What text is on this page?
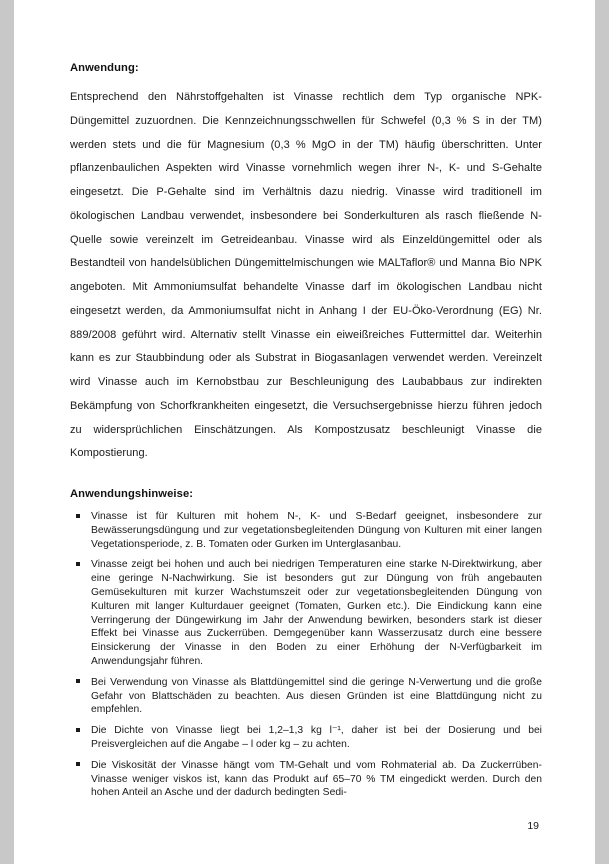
Anwendung:

Entsprechend den Nährstoffgehalten ist Vinasse rechtlich dem Typ organische NPK-Düngemittel zuzuordnen. Die Kennzeichnungsschwellen für Schwefel (0,3 % S in der TM) werden stets und die für Magnesium (0,3 % MgO in der TM) häufig überschritten. Unter pflanzenbaulichen Aspekten wird Vinasse vornehmlich wegen ihrer N-, K- und S-Gehalte eingesetzt. Die P-Gehalte sind im Verhältnis dazu niedrig. Vinasse wird traditionell im ökologischen Landbau verwendet, insbesondere bei Sonderkulturen als rasch fließende N-Quelle sowie vereinzelt im Getreideanbau. Vinasse wird als Einzeldüngemittel oder als Bestandteil von handelsüblichen Düngemittelmischungen wie MALTaflor® und Manna Bio NPK angeboten. Mit Ammoniumsulfat behandelte Vinasse darf im ökologischen Landbau nicht eingesetzt werden, da Ammoniumsulfat nicht in Anhang I der EU-Öko-Verordnung (EG) Nr. 889/2008 geführt wird. Alternativ stellt Vinasse ein eiweißreiches Futtermittel dar. Weiterhin kann es zur Staubbindung oder als Substrat in Biogasanlagen verwendet werden. Vereinzelt wird Vinasse auch im Kernobstbau zur Beschleunigung des Laubabbaus zur indirekten Bekämpfung von Schorfkrankheiten eingesetzt, die Versuchsergebnisse hierzu führen jedoch zu widersprüchlichen Einschätzungen. Als Kompostzusatz beschleunigt Vinasse die Kompostierung.

Anwendungshinweise:
Vinasse ist für Kulturen mit hohem N-, K- und S-Bedarf geeignet, insbesondere zur Bewässerungsdüngung und zur vegetationsbegleitenden Düngung von Kulturen mit einer langen Vegetationsperiode, z. B. Tomaten oder Gurken im Unterglasanbau.
Vinasse zeigt bei hohen und auch bei niedrigen Temperaturen eine starke N-Direktwirkung, aber eine geringe N-Nachwirkung. Sie ist besonders gut zur Düngung von früh angebauten Gemüsekulturen mit kurzer Wachstumszeit oder zur vegetationsbegleitenden Düngung von Kulturen mit langer Kulturdauer geeignet (Tomaten, Gurken etc.). Die Eindickung kann eine Verringerung der Düngewirkung im Jahr der Anwendung bewirken, besonders stark ist dieser Effekt bei Vinasse aus Zuckerrüben. Demgegenüber kann Wasserzusatz durch eine bessere Einsickerung der Vinasse in den Boden zu einer Erhöhung der N-Verfügbarkeit im Anwendungsjahr führen.
Bei Verwendung von Vinasse als Blattdüngemittel sind die geringe N-Verwertung und die große Gefahr von Blattschäden zu beachten. Aus diesen Gründen ist eine Blattdüngung nicht zu empfehlen.
Die Dichte von Vinasse liegt bei 1,2–1,3 kg l⁻¹, daher ist bei der Dosierung und bei Preisvergleichen auf die Angabe – l oder kg – zu achten.
Die Viskosität der Vinasse hängt vom TM-Gehalt und vom Rohmaterial ab. Da Zuckerrüben-Vinasse weniger viskos ist, kann das Produkt auf 65–70 % TM eingedickt werden. Durch den hohen Anteil an Asche und der dadurch bedingten Sedi-
19
